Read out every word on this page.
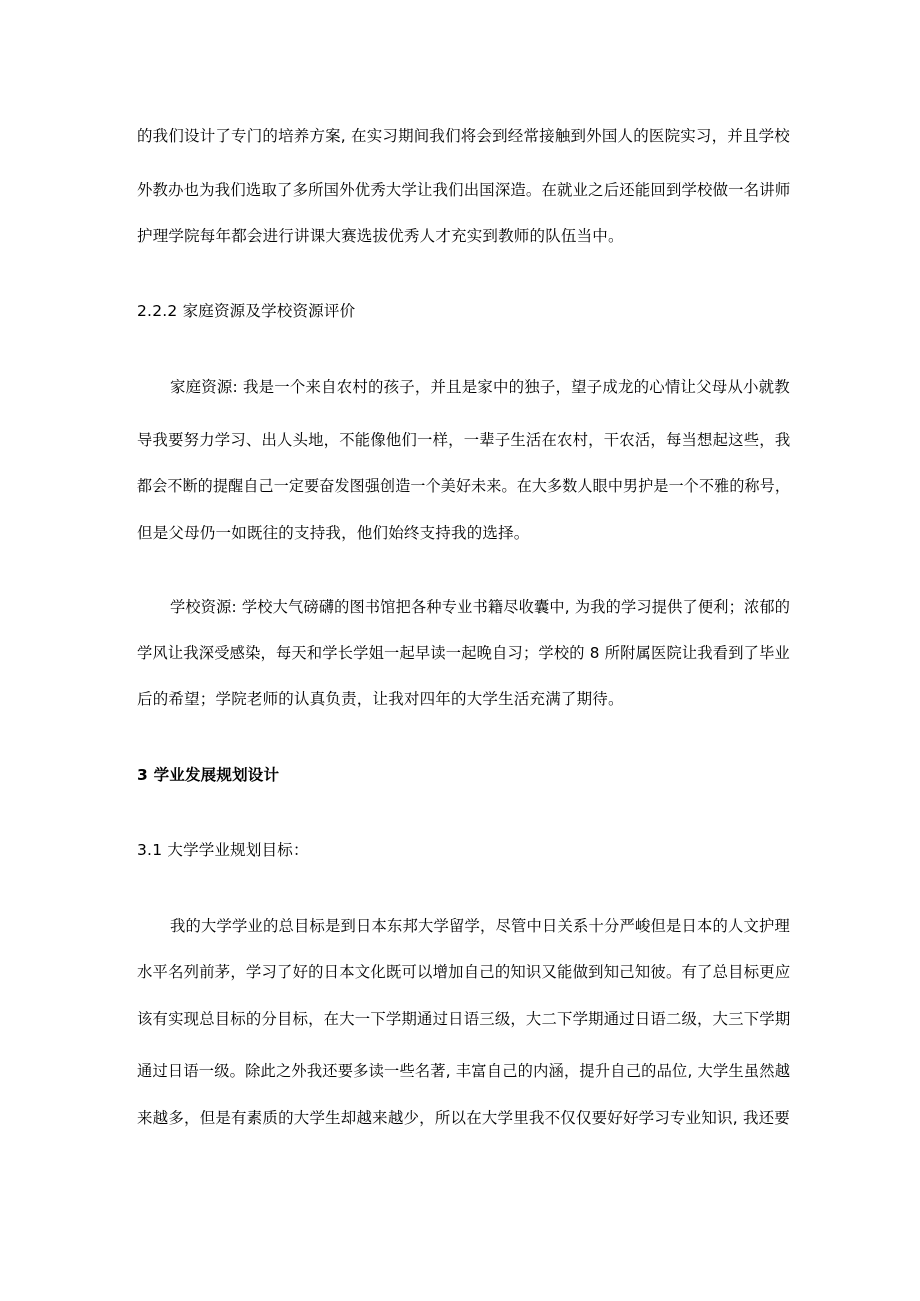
的我们设计了专门的培养方案, 在实习期间我们将会到经常接触到外国人的医院实习，并且学校
外教办也为我们选取了多所国外优秀大学让我们出国深造。在就业之后还能回到学校做一名讲师
护理学院每年都会进行讲课大赛选拔优秀人才充实到教师的队伍当中。
2.2.2 家庭资源及学校资源评价
家庭资源: 我是一个来自农村的孩子，并且是家中的独子，望子成龙的心情让父母从小就教
导我要努力学习、出人头地，不能像他们一样，一辈子生活在农村，干农活，每当想起这些，我
都会不断的提醒自己一定要奋发图强创造一个美好未来。在大多数人眼中男护是一个不雅的称号，
但是父母仍一如既往的支持我，他们始终支持我的选择。
学校资源: 学校大气磅礴的图书馆把各种专业书籍尽收囊中, 为我的学习提供了便利；浓郁的
学风让我深受感染，每天和学长学姐一起早读一起晚自习；学校的 8 所附属医院让我看到了毕业
后的希望；学院老师的认真负责，让我对四年的大学生活充满了期待。
3 学业发展规划设计
3.1 大学学业规划目标：
我的大学学业的总目标是到日本东邦大学留学，尽管中日关系十分严峻但是日本的人文护理
水平名列前茅，学习了好的日本文化既可以增加自己的知识又能做到知己知彼。有了总目标更应
该有实现总目标的分目标，在大一下学期通过日语三级，大二下学期通过日语二级，大三下学期
通过日语一级。除此之外我还要多读一些名著, 丰富自己的内涵，提升自己的品位, 大学生虽然越
来越多，但是有素质的大学生却越来越少，所以在大学里我不仅仅要好好学习专业知识, 我还要
